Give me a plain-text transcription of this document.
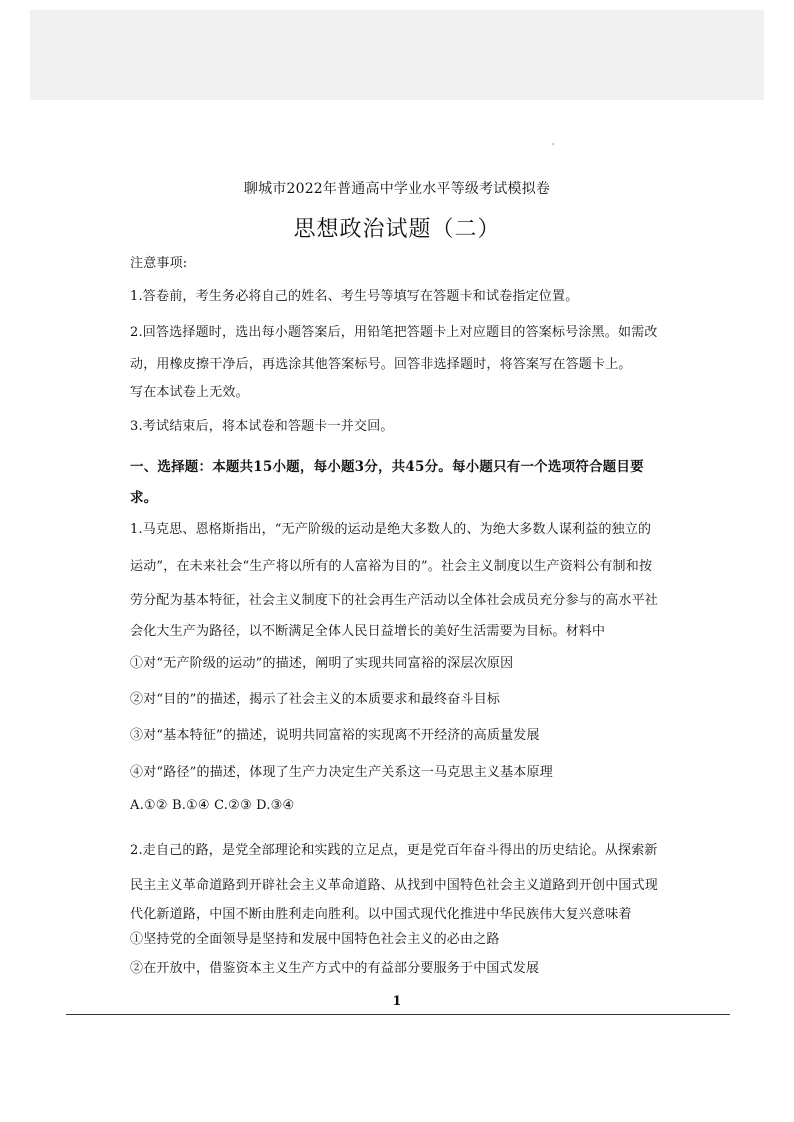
'
聊城市2022年普通高中学业水平等级考试模拟卷
思想政治试题（二）
注意事项:
1.答卷前，考生务必将自己的姓名、考生号等填写在答题卡和试卷指定位置。
2.回答选择题时，选出每小题答案后，用铅笔把答题卡上对应题目的答案标号涂黑。如需改
动，用橡皮擦干净后，再选涂其他答案标号。回答非选择题时，将答案写在答题卡上。
写在本试卷上无效。
3.考试结束后，将本试卷和答题卡一并交回。
一、选择题：本题共15小题，每小题3分，共45分。每小题只有一个选项符合题目要
求。
1.马克思、恩格斯指出，“无产阶级的运动是绝大多数人的、为绝大多数人谋利益的独立的
运动”，在未来社会“生产将以所有的人富裕为目的”。社会主义制度以生产资料公有制和按
劳分配为基本特征，社会主义制度下的社会再生产活动以全体社会成员充分参与的高水平社
会化大生产为路径，以不断满足全体人民日益增长的美好生活需要为目标。材料中
①对“无产阶级的运动”的描述，阐明了实现共同富裕的深层次原因
②对“目的”的描述，揭示了社会主义的本质要求和最终奋斗目标
③对“基本特征”的描述，说明共同富裕的实现离不开经济的高质量发展
④对“路径”的描述，体现了生产力决定生产关系这一马克思主义基本原理
A.①② B.①④ C.②③ D.③④
2.走自己的路，是党全部理论和实践的立足点，更是党百年奋斗得出的历史结论。从探索新
民主主义革命道路到开辟社会主义革命道路、从找到中国特色社会主义道路到开创中国式现
代化新道路，中国不断由胜利走向胜利。以中国式现代化推进中华民族伟大复兴意味着
①坚持党的全面领导是坚持和发展中国特色社会主义的必由之路
②在开放中，借鉴资本主义生产方式中的有益部分要服务于中国式发展
1
